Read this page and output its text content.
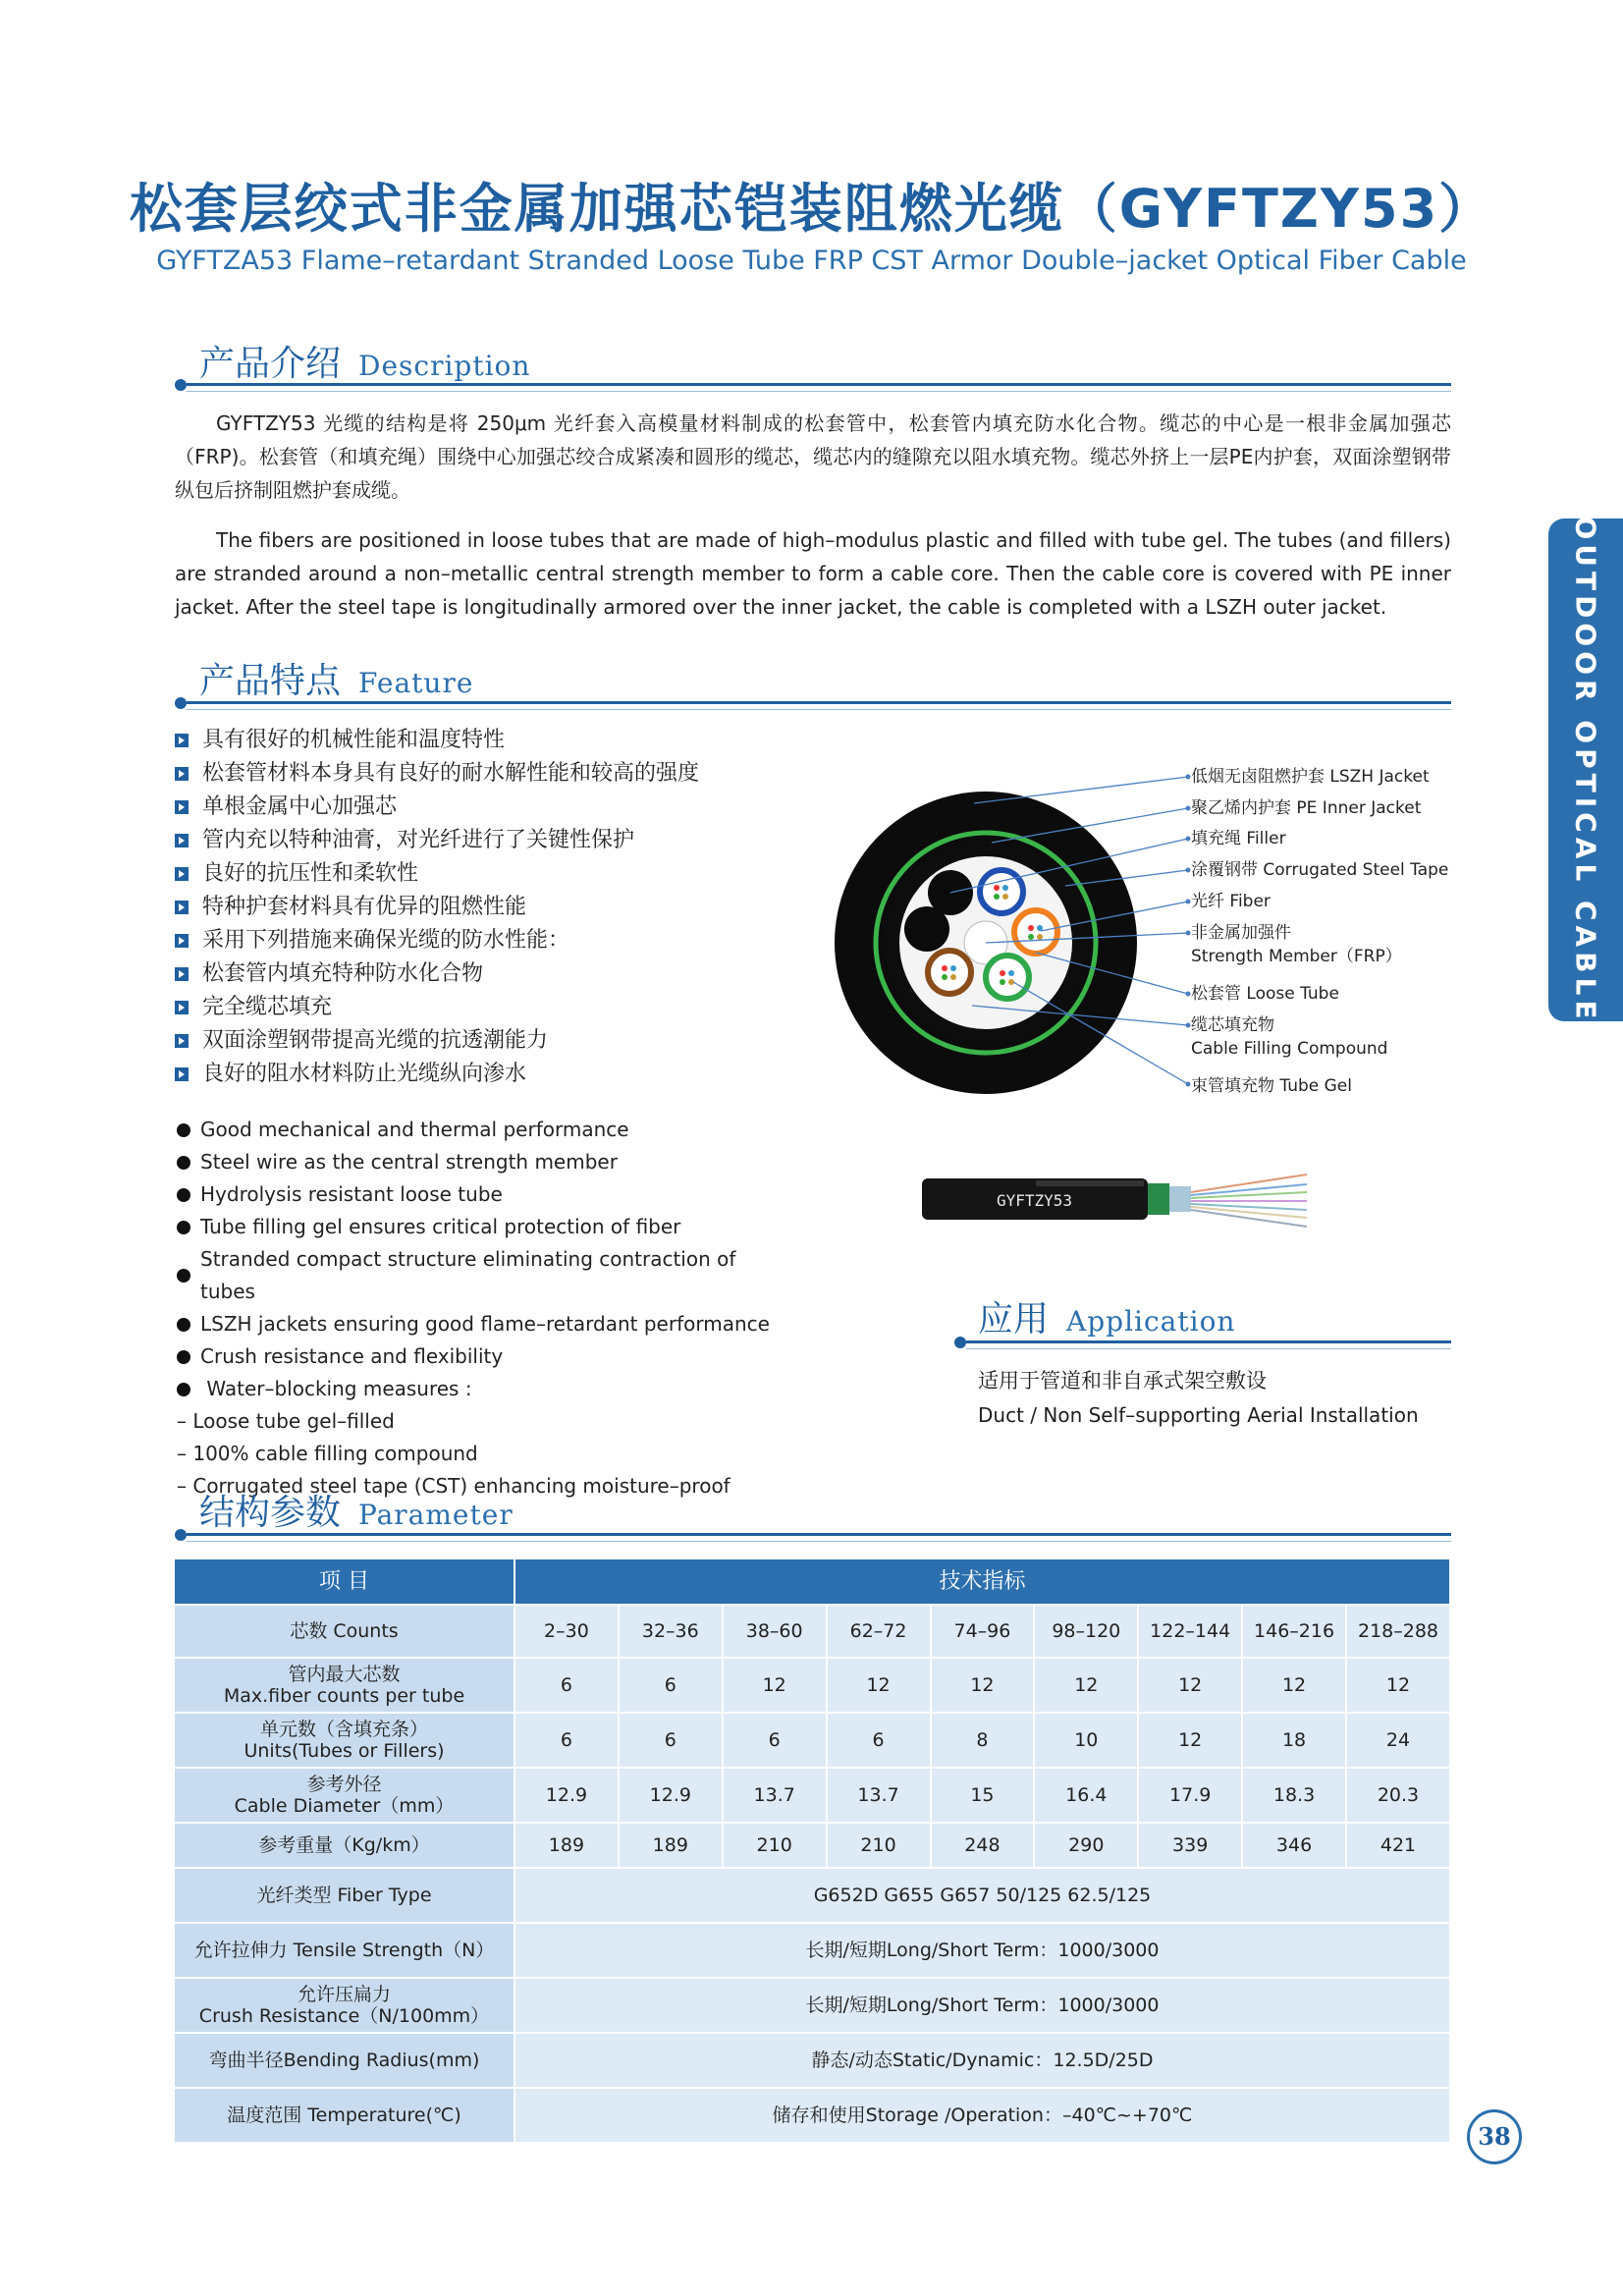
松套层绞式非金属加强芯铠装阻燃光缆（GYFTZY53）
GYFTZA53 Flame–retardant Stranded Loose Tube FRP CST Armor Double–jacket Optical Fiber Cable
OUTDOOR OPTICAL CABLE
产品介绍 Description
GYFTZY53 光缆的结构是将 250μm 光纤套入高模量材料制成的松套管中，松套管内填充防水化合物。缆芯的中心是一根非金属加强芯（FRP)。松套管（和填充绳）围绕中心加强芯绞合成紧凑和圆形的缆芯，缆芯内的缝隙充以阻水填充物。缆芯外挤上一层PE内护套，双面涂塑钢带纵包后挤制阻燃护套成缆。
The fibers are positioned in loose tubes that are made of high–modulus plastic and filled with tube gel. The tubes (and fillers) are stranded around a non–metallic central strength member to form a cable core. Then the cable core is covered with PE inner jacket. After the steel tape is longitudinally armored over the inner jacket, the cable is completed with a LSZH outer jacket.
产品特点 Feature
具有很好的机械性能和温度特性
松套管材料本身具有良好的耐水解性能和较高的强度
单根金属中心加强芯
管内充以特种油膏，对光纤进行了关键性保护
良好的抗压性和柔软性
特种护套材料具有优异的阻燃性能
采用下列措施来确保光缆的防水性能：
松套管内填充特种防水化合物
完全缆芯填充
双面涂塑钢带提高光缆的抗透潮能力
良好的阻水材料防止光缆纵向渗水
Good mechanical and thermal performance
Steel wire as the central strength member
Hydrolysis resistant loose tube
Tube filling gel ensures critical protection of fiber
Stranded compact structure eliminating contraction of tubes
LSZH jackets ensuring good flame–retardant performance
Crush resistance and flexibility
Water–blocking measures :
– Loose tube gel–filled
– 100% cable filling compound
– Corrugated steel tape (CST) enhancing moisture–proof
低烟无卤阻燃护套 LSZH Jacket
聚乙烯内护套 PE Inner Jacket
填充绳 Filler
涂覆钢带 Corrugated Steel Tape
光纤 Fiber
非金属加强件
Strength Member（FRP）
松套管 Loose Tube
缆芯填充物
Cable Filling Compound
束管填充物 Tube Gel
GYFTZY53
应用 Application
适用于管道和非自承式架空敷设
Duct / Non Self–supporting Aerial Installation
结构参数 Parameter
项 目	技术指标								

芯数 Counts	2–30	32–36	38–60	62–72	74–96	98–120	122–144	146–216	218–288

管内最大芯数
Max.fiber counts per tube	6	6	12	12	12	12	12	12	12

单元数（含填充条）
Units(Tubes or Fillers)	6	6	6	6	8	10	12	18	24

参考外径
Cable Diameter（mm）	12.9	12.9	13.7	13.7	15	16.4	17.9	18.3	20.3

参考重量（Kg/km）	189	189	210	210	248	290	339	346	421

光纤类型 Fiber Type	G652D G655 G657 50/125 62.5/125								

允许拉伸力 Tensile Strength（N）	长期/短期Long/Short Term：1000/3000								

允许压扁力
Crush Resistance（N/100mm）	长期/短期Long/Short Term：1000/3000								

弯曲半径Bending Radius(mm)	静态/动态Static/Dynamic：12.5D/25D								

温度范围 Temperature(℃)	储存和使用Storage /Operation：–40℃~+70℃								
38
